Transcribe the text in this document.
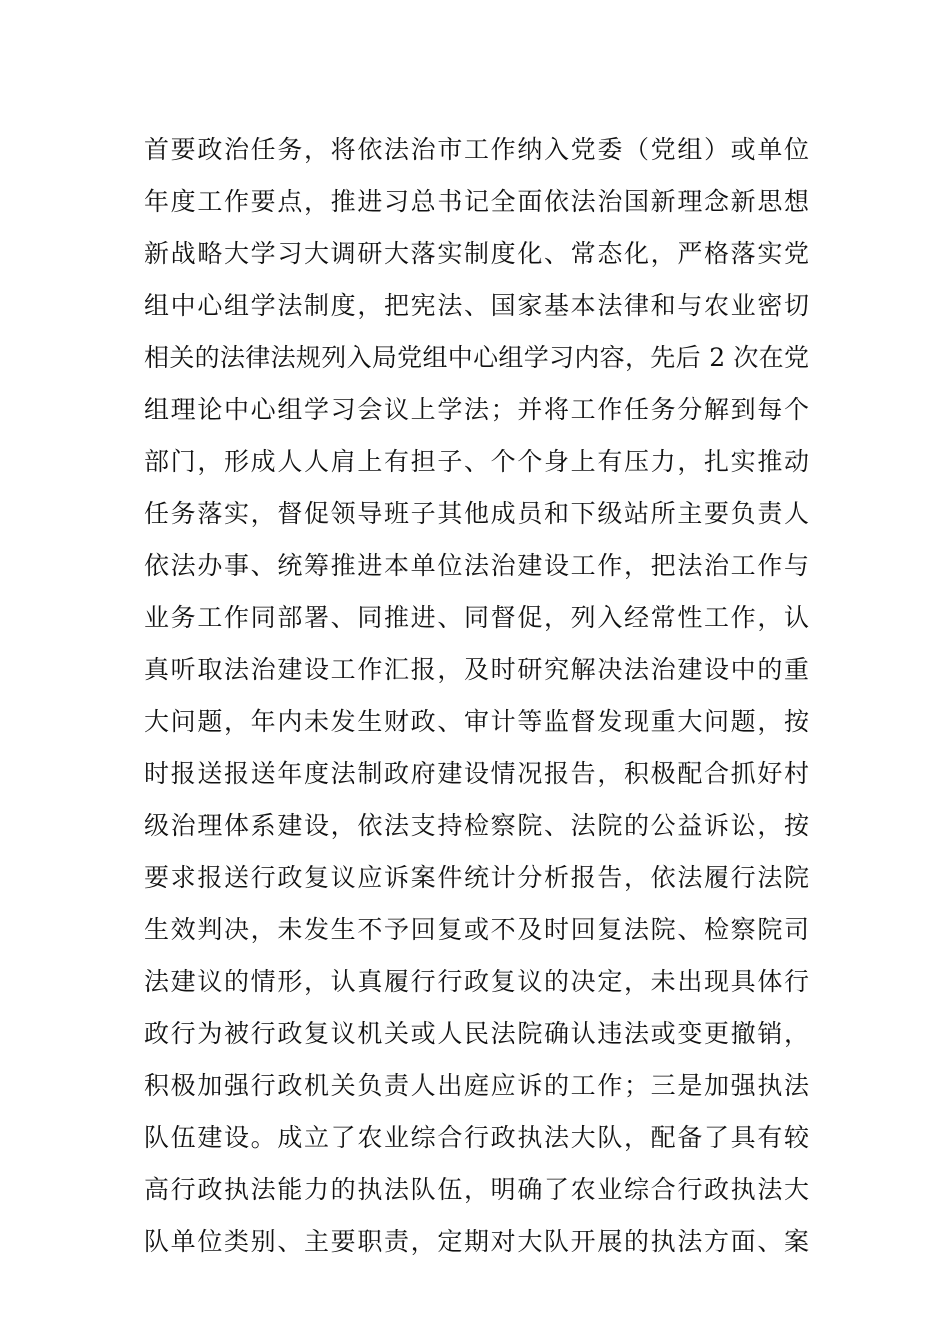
首要政治任务，将依法治市工作纳入党委（党组）或单位
年度工作要点，推进习总书记全面依法治国新理念新思想
新战略大学习大调研大落实制度化、常态化，严格落实党
组中心组学法制度，把宪法、国家基本法律和与农业密切
相关的法律法规列入局党组中心组学习内容，先后 2 次在党
组理论中心组学习会议上学法；并将工作任务分解到每个
部门，形成人人肩上有担子、个个身上有压力，扎实推动
任务落实，督促领导班子其他成员和下级站所主要负责人
依法办事、统筹推进本单位法治建设工作，把法治工作与
业务工作同部署、同推进、同督促，列入经常性工作，认
真听取法治建设工作汇报，及时研究解决法治建设中的重
大问题，年内未发生财政、审计等监督发现重大问题，按
时报送报送年度法制政府建设情况报告，积极配合抓好村
级治理体系建设，依法支持检察院、法院的公益诉讼，按
要求报送行政复议应诉案件统计分析报告，依法履行法院
生效判决，未发生不予回复或不及时回复法院、检察院司
法建议的情形，认真履行行政复议的决定，未出现具体行
政行为被行政复议机关或人民法院确认违法或变更撤销，
积极加强行政机关负责人出庭应诉的工作；三是加强执法
队伍建设。成立了农业综合行政执法大队，配备了具有较
高行政执法能力的执法队伍，明确了农业综合行政执法大
队单位类别、主要职责，定期对大队开展的执法方面、案
